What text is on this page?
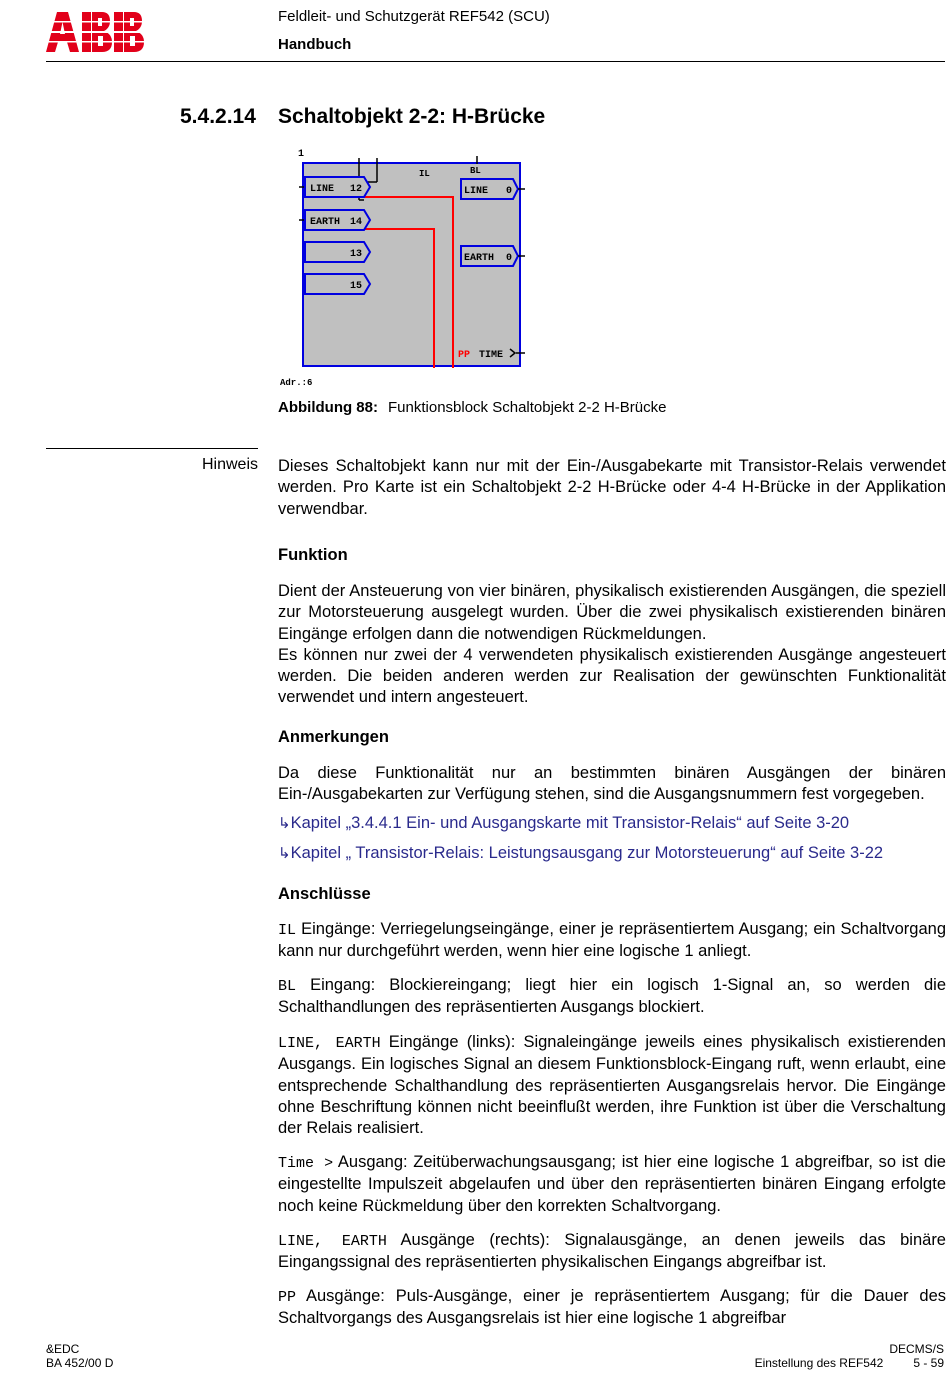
Feldleit- und Schutzgerät REF542 (SCU)
Handbuch
5.4.2.14 Schaltobjekt 2-2: H-Brücke
1
IL	BL
LINE 12
EARTH 14
13
15
LINE 0
EARTH 0
PP TIME
Adr.:6
Abbildung 88: Funktionsblock Schaltobjekt 2-2 H-Brücke
Hinweis Dieses Schaltobjekt kann nur mit der Ein-/Ausgabekarte mit Transistor-Relais verwendet werden. Pro Karte ist ein Schaltobjekt 2-2 H-Brücke oder 4-4 H-Brücke in der Applikation verwendbar.
Funktion

Dient der Ansteuerung von vier binären, physikalisch existierenden Ausgängen, die speziell zur Motorsteuerung ausgelegt wurden. Über die zwei physikalisch existierenden binären Eingänge erfolgen dann die notwendigen Rückmeldungen.

Es können nur zwei der 4 verwendeten physikalisch existierenden Ausgänge angesteuert werden. Die beiden anderen werden zur Realisation der gewünschten Funktionalität verwendet und intern angesteuert.

Anmerkungen
Da diese Funktionalität nur an bestimmten binären Ausgängen der binären Ein-/Ausgabekarten zur Verfügung stehen, sind die Ausgangsnummern fest vorgegeben.
↳Kapitel „3.4.4.1 Ein- und Ausgangskarte mit Transistor-Relais“ auf Seite 3-20
↳Kapitel „ Transistor-Relais: Leistungsausgang zur Motorsteuerung“ auf Seite 3-22
Anschlüsse
IL Eingänge: Verriegelungseingänge, einer je repräsentiertem Ausgang; ein Schaltvorgang kann nur durchgeführt werden, wenn hier eine logische 1 anliegt.
BL Eingang: Blockiereingang; liegt hier ein logisch 1-Signal an, so werden die Schalthandlungen des repräsentierten Ausgangs blockiert.
LINE, EARTH Eingänge (links): Signaleingänge jeweils eines physikalisch existierenden Ausgangs. Ein logisches Signal an diesem Funktionsblock-Eingang ruft, wenn erlaubt, eine entsprechende Schalthandlung des repräsentierten Ausgangsrelais hervor. Die Eingänge ohne Beschriftung können nicht beeinflußt werden, ihre Funktion ist über die Verschaltung der Relais realisiert.
Time > Ausgang: Zeitüberwachungsausgang; ist hier eine logische 1 abgreifbar, so ist die eingestellte Impulszeit abgelaufen und über den repräsentierten binären Eingang erfolgte noch keine Rückmeldung über den korrekten Schaltvorgang.
LINE, EARTH Ausgänge (rechts): Signalausgänge, an denen jeweils das binäre Eingangssignal des repräsentierten physikalischen Eingangs abgreifbar ist.
PP Ausgänge: Puls-Ausgänge, einer je repräsentiertem Ausgang; für die Dauer des Schaltvorgangs des Ausgangsrelais ist hier eine logische 1 abgreifbar
&EDC
BA 452/00 D
DECMS/S
Einstellung des REF542	5 - 59
